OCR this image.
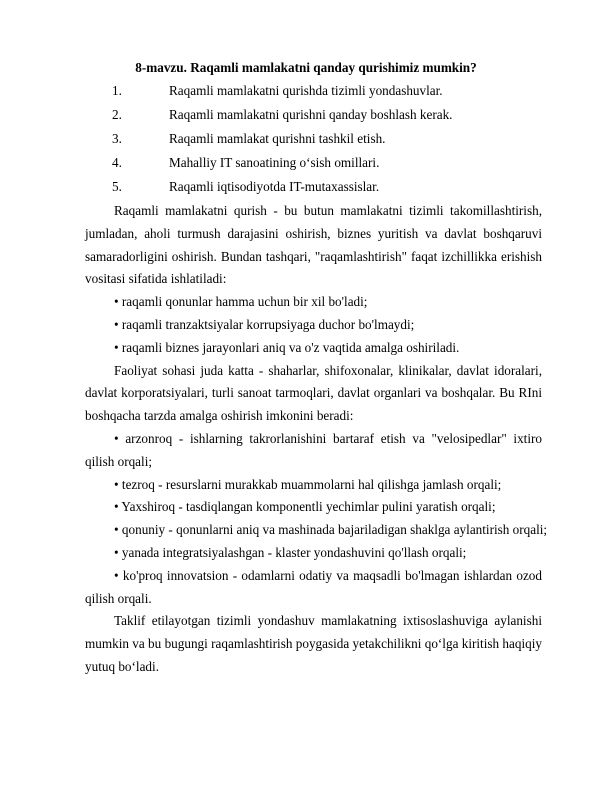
8-mavzu. Raqamli mamlakatni qanday qurishimiz mumkin?
1.	Raqamli mamlakatni qurishda tizimli yondashuvlar.
2.	Raqamli mamlakatni qurishni qanday boshlash kerak.
3.	Raqamli mamlakat qurishni tashkil etish.
4.	Mahalliy IT sanoatining o‘sish omillari.
5.	Raqamli iqtisodiyotda IT-mutaxassislar.

Raqamli mamlakatni qurish - bu butun mamlakatni tizimli takomillashtirish, jumladan, aholi turmush darajasini oshirish, biznes yuritish va davlat boshqaruvi samaradorligini oshirish. Bundan tashqari, "raqamlashtirish" faqat izchillikka erishish vositasi sifatida ishlatiladi:

• raqamli qonunlar hamma uchun bir xil bo'ladi;

• raqamli tranzaktsiyalar korrupsiyaga duchor bo'lmaydi;

• raqamli biznes jarayonlari aniq va o'z vaqtida amalga oshiriladi.

Faoliyat sohasi juda katta - shaharlar, shifoxonalar, klinikalar, davlat idoralari, davlat korporatsiyalari, turli sanoat tarmoqlari, davlat organlari va boshqalar. Bu RIni boshqacha tarzda amalga oshirish imkonini beradi:

• arzonroq - ishlarning takrorlanishini bartaraf etish va "velosipedlar" ixtiro qilish orqali;

• tezroq - resurslarni murakkab muammolarni hal qilishga jamlash orqali;

• Yaxshiroq - tasdiqlangan komponentli yechimlar pulini yaratish orqali;

• qonuniy - qonunlarni aniq va mashinada bajariladigan shaklga aylantirish orqali;

• yanada integratsiyalashgan - klaster yondashuvini qo'llash orqali;

• ko'proq innovatsion - odamlarni odatiy va maqsadli bo'lmagan ishlardan ozod qilish orqali.

Taklif etilayotgan tizimli yondashuv mamlakatning ixtisoslashuviga aylanishi mumkin va bu bugungi raqamlashtirish poygasida yetakchilikni qo‘lga kiritish haqiqiy yutuq bo‘ladi.
